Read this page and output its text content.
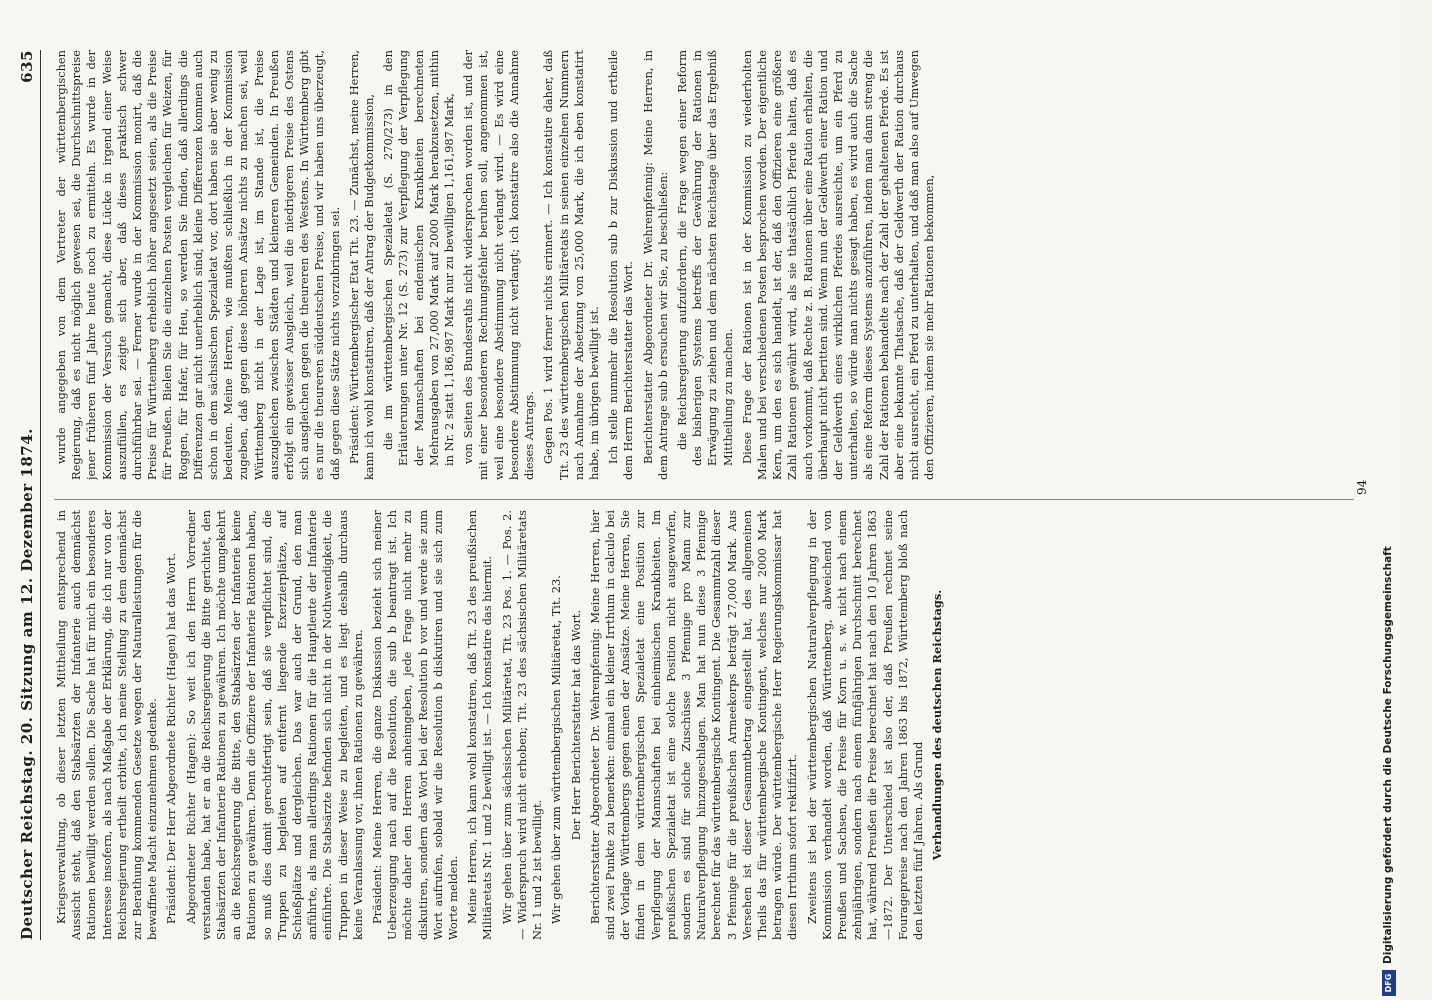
Deutscher Reichstag. 20. Sitzung am 12. Dezember 1874.
635

Kriegsverwaltung, ob dieser letzten Mittheilung entsprechend in Aussicht steht, daß den Stabsärzten der Infanterie auch demnächst Rationen bewilligt werden sollen. Die Sache hat für mich ein besonderes Interesse insofern, als nach Maßgabe der Erklärung, die ich nur von der Reichsregierung ertheilt erbitte, ich meine Stellung zu dem demnächst zur Berathung kommenden Gesetze wegen der Naturalleistungen für die bewaffnete Macht einzunehmen gedenke. Präsident: Der Herr Abgeordnete Richter (Hagen) hat das Wort. Abgeordneter Richter (Hagen): So weit ich den Herrn Vorredner verstanden habe, hat er an die Reichsregierung die Bitte gerichtet, den Stabsärzten der Infanterie Rationen zu gewähren. Ich möchte umgekehrt an die Reichsregierung die Bitte, den Stabsärzten der Infanterie keine Rationen zu gewähren. Denn die Offiziere der Infanterie Rationen haben, so muß dies damit gerechtfertigt sein, daß sie verpflichtet sind, die Truppen zu begleiten auf entfernt liegende Exerzierplätze, auf Schießplätze und dergleichen. Das war auch der Grund, den man anführte, als man allerdings Rationen für die Hauptleute der Infanterie einführte. Die Stabsärzte befinden sich nicht in der Nothwendigkeit, die Truppen in dieser Weise zu begleiten, und es liegt deshalb durchaus keine Veranlassung vor, ihnen Rationen zu gewähren. Präsident: Meine Herren, die ganze Diskussion bezieht sich meiner Ueberzeugung nach auf die Resolution, die sub b beantragt ist. Ich möchte daher den Herren anheimgeben, jede Frage nicht mehr zu diskutiren, sondern das Wort bei der Resolution b vor und werde sie zum Wort aufrufen, sobald wir die Resolution b diskutiren und sie sich zum Worte melden. Meine Herren, ich kann wohl konstatiren, daß Tit. 23 des preußischen Militäretats Nr. 1 und 2 bewilligt ist. — Ich konstatire das hiermit. Wir gehen über zum sächsischen Militäretat, Tit. 23 Pos. 1. — Pos. 2. — Widerspruch wird nicht erhoben; Tit. 23 des sächsischen Militäretats Nr. 1 und 2 ist bewilligt. Wir gehen über zum württembergischen Militäretat, Tit. 23. Der Herr Berichterstatter hat das Wort. Berichterstatter Abgeordneter Dr. Wehrenpfennig: Meine Herren, hier sind zwei Punkte zu bemerken: einmal ein kleiner Irrthum in calculo bei der Vorlage Württembergs gegen einen der Ansätze. Meine Herren, Sie finden in dem württembergischen Spezialetat eine Position zur Verpflegung der Mannschaften bei einheimischen Krankheiten. Im preußischen Spezialetat ist eine solche Position nicht ausgeworfen, sondern es sind für solche Zuschüsse 3 Pfennige pro Mann zur Naturalverpflegung hinzugeschlagen. Man hat nun diese 3 Pfennige berechnet für das württembergische Kontingent. Die Gesammtzahl dieser 3 Pfennige für die preußischen Armeekorps beträgt 27,000 Mark. Aus Versehen ist dieser Gesammtbetrag eingestellt hat, des allgemeinen Theils das für württembergische Kontingent, welches nur 2000 Mark betragen würde. Der württembergische Herr Regierungskommissar hat diesen Irrthum sofort rektifizirt. Zweitens ist bei der württembergischen Naturalverpflegung in der Kommission verhandelt worden, daß Württemberg, abweichend von Preußen und Sachsen, die Preise für Korn u. s. w. nicht nach einem zehnjährigen, sondern nach einem fünfjährigen Durchschnitt berechnet hat, während Preußen die Preise berechnet hat nach den 10 Jahren 1863—1872. Der Unterschied ist also der, daß Preußen rechnet seine Fouragepreise nach den Jahren 1863 bis 1872, Württemberg bloß nach den letzten fünf Jahren. Als Grund Verhandlungen des deutschen Reichstags.

wurde angegeben von dem Vertreter der württembergischen Regierung, daß es nicht möglich gewesen sei, die Durchschnittspreise jener früheren fünf Jahre heute noch zu ermitteln. Es wurde in der Kommission der Versuch gemacht, diese Lücke in irgend einer Weise auszufüllen, es zeigte sich aber, daß dieses praktisch schwer durchführbar sei. — Ferner wurde in der Kommission monirt, daß die Preise für Württemberg erheblich höher angesetzt seien, als die Preise für Preußen. Bielen Sie die einzelnen Posten vergleichen für Weizen, für Roggen, für Hafer, für Heu, so werden Sie finden, daß allerdings die Differenzen gar nicht unerheblich sind; kleine Differenzen kommen auch schon in dem sächsischen Spezialetat vor, dort haben sie aber wenig zu bedeuten. Meine Herren, wie mußten schließlich in der Kommission zugeben, daß gegen diese höheren Ansätze nichts zu machen sei, weil Württemberg nicht in der Lage ist, im Stande ist, die Preise auszugleichen zwischen Städten und kleineren Gemeinden. In Preußen erfolgt ein gewisser Ausgleich, weil die niedrigeren Preise des Ostens sich ausgleichen gegen die theureren des Westens. In Württemberg gibt es nur die theureren süddeutschen Preise, und wir haben uns überzeugt, daß gegen diese Sätze nichts vorzubringen sei. Präsident: Württembergischer Etat Tit. 23. — Zunächst, meine Herren, kann ich wohl konstatiren, daß der Antrag der Budgetkommission, die im württembergischen Spezialetat (S. 270/273) in den Erläuterungen unter Nr. 12 (S. 273) zur Verpflegung der Verpflegung der Mannschaften bei endemischen Krankheiten berechneten Mehrausgaben von 27,000 Mark auf 2000 Mark herabzusetzen, mithin in Nr. 2 statt 1,186,987 Mark nur zu bewilligen 1,161,987 Mark, von Seiten des Bundesraths nicht widersprochen worden ist, und der mit einer besonderen Rechnungsfehler beruhen soll, angenommen ist, weil eine besondere Abstimmung nicht verlangt wird. — Es wird eine besondere Abstimmung nicht verlangt; ich konstatire also die Annahme dieses Antrags. Gegen Pos. 1 wird ferner nichts erinnert. — Ich konstatire daher, daß Tit. 23 des württembergischen Militäretats in seinen einzelnen Nummern nach Annahme der Absetzung von 25,000 Mark, die ich eben konstatirt habe, im übrigen bewilligt ist. Ich stelle nunmehr die Resolution sub b zur Diskussion und ertheile dem Herrn Berichterstatter das Wort. Berichterstatter Abgeordneter Dr. Wehrenpfennig: Meine Herren, in dem Antrage sub b ersuchen wir Sie, zu beschließen: die Reichsregierung aufzufordern, die Frage wegen einer Reform des bisherigen Systems betreffs der Gewährung der Rationen in Erwägung zu ziehen und dem nächsten Reichstage über das Ergebniß Mittheilung zu machen. Diese Frage der Rationen ist in der Kommission zu wiederholten Malen und bei verschiedenen Posten besprochen worden. Der eigentliche Kern, um den es sich handelt, ist der, daß den Offizieren eine größere Zahl Rationen gewährt wird, als sie thatsächlich Pferde halten, daß es auch vorkommt, daß Rechte z. B. Rationen über eine Ration erhalten, die überhaupt nicht beritten sind. Wenn nun der Geldwerth einer Ration und der Geldwerth eines wirklichen Pferdes ausreichte, um ein Pferd zu unterhalten, so würde man nichts gesagt haben, es wird auch die Sache als eine Reform dieses Systems anzuführen, indem man dann streng die Zahl der Rationen behandelte nach der Zahl der gehaltenen Pferde. Es ist aber eine bekannte Thatsache, daß der Geldwerth der Ration durchaus nicht ausreicht, ein Pferd zu unterhalten, und daß man also auf Umwegen den Offizieren, indem sie mehr Rationen bekommen,

94
DFG
Digitalisierung gefördert durch die Deutsche Forschungsgemeinschaft
